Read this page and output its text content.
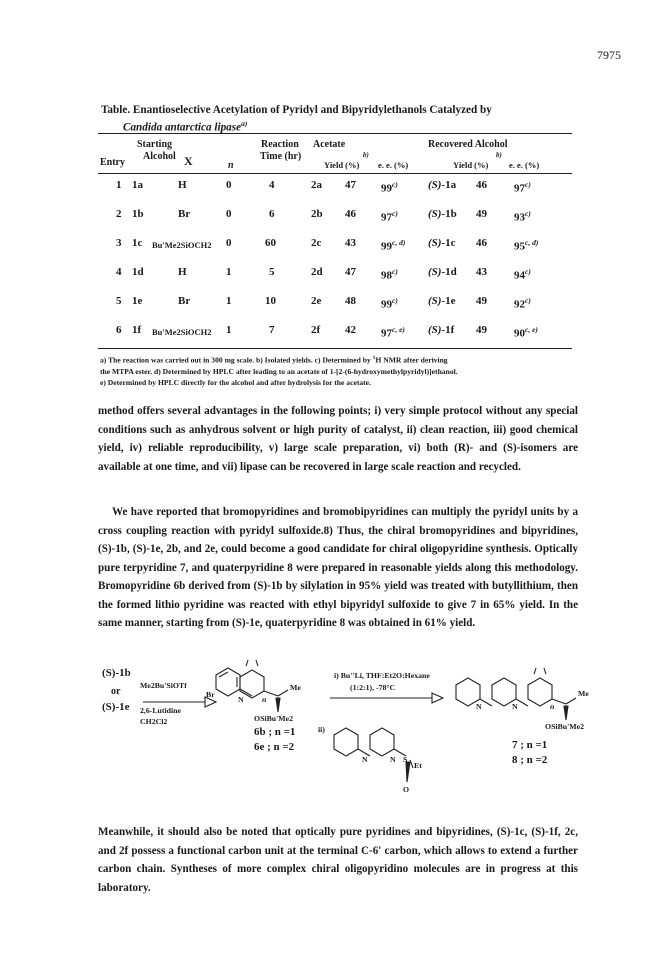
7975
Table. Enantioselective Acetylation of Pyridyl and Bipyridylethanols Catalyzed by
Candida antarctica lipase$^{a)}$
Starting
Alcohol X
Entry	n
Reaction
Time (hr)
Acetate	Recovered Alcohol
Yield (%)
$^{b)}$
e. e. (%)	Yield (%)
$^{b)}$
e. e. (%)
1 1a	H	0	4	2a 47 99$^{c)}$	(S)-1a 46 97$^{c)}$
2 1b	Br	0	6	2b 46 97$^{c)}$	(S)-1b 49 93$^{c)}$
3 1c Bu'Me2SiOCH2 0	60	2c 43 99$^{c, d)}$ (S)-1c 46 95$^{c, d)}$
4 1d	H	1	5	2d 47 98$^{c)}$	(S)-1d 43 94$^{c)}$
5 1e	Br	1	10	2e 48 99$^{c)}$	(S)-1e 49 92$^{c)}$
6 1f Bu'Me2SiOCH2 1	7	2f 42 97$^{c, e)}$ (S)-1f 49 90$^{c, e)}$
a) The reaction was carried out in 300 mg scale. b) Isolated yields. c) Determined by $^1$H NMR after deriving
the MTPA ester. d) Determined by HPLC after leading to an acetate of 1-[2-(6-hydroxymethylpyridyl)]ethanol.
e) Determined by HPLC directly for the alcohol and after hydrolysis for the acetate.

method offers several advantages in the following points; i) very simple protocol without any special conditions such as anhydrous solvent or high purity of catalyst, ii) clean reaction, iii) good chemical yield, iv) reliable reproducibility, v) large scale preparation, vi) both (R)- and (S)-isomers are available at one time, and vii) lipase can be recovered in large scale reaction and recycled.

We have reported that bromopyridines and bromobipyridines can multiply the pyridyl units by a cross coupling reaction with pyridyl sulfoxide.8) Thus, the chiral bromopyridines and bipyridines, (S)-1b, (S)-1e, 2b, and 2e, could become a good candidate for chiral oligopyridine synthesis. Optically pure terpyridine 7, and quaterpyridine 8 were prepared in reasonable yields along this methodology. Bromopyridine 6b derived from (S)-1b by silylation in 95% yield was treated with butyllithium, then the formed lithio pyridine was reacted with ethyl bipyridyl sulfoxide to give 7 in 65% yield. In the same manner, starting from (S)-1e, quaterpyridine 8 was obtained in 61% yield.

(S)-1b
or
(S)-1e
Me2Bu'SiOTf
2,6-Lutidine
CH2Cl2
Br
N n
Me
OSiBu'Me2
6b ; n =1
6e ; n =2
i) Bu"Li, THF:Et2O:Hexane
(1:2:1), -78°C
ii)
N	N S
Et
O
N	N	n
Me
OSiBu'Me2
7 ; n =1
8 ; n =2

Meanwhile, it should also be noted that optically pure pyridines and bipyridines, (S)-1c, (S)-1f, 2c, and 2f possess a functional carbon unit at the terminal C-6' carbon, which allows to extend a further carbon chain. Syntheses of more complex chiral oligopyridino molecules are in progress at this laboratory.
